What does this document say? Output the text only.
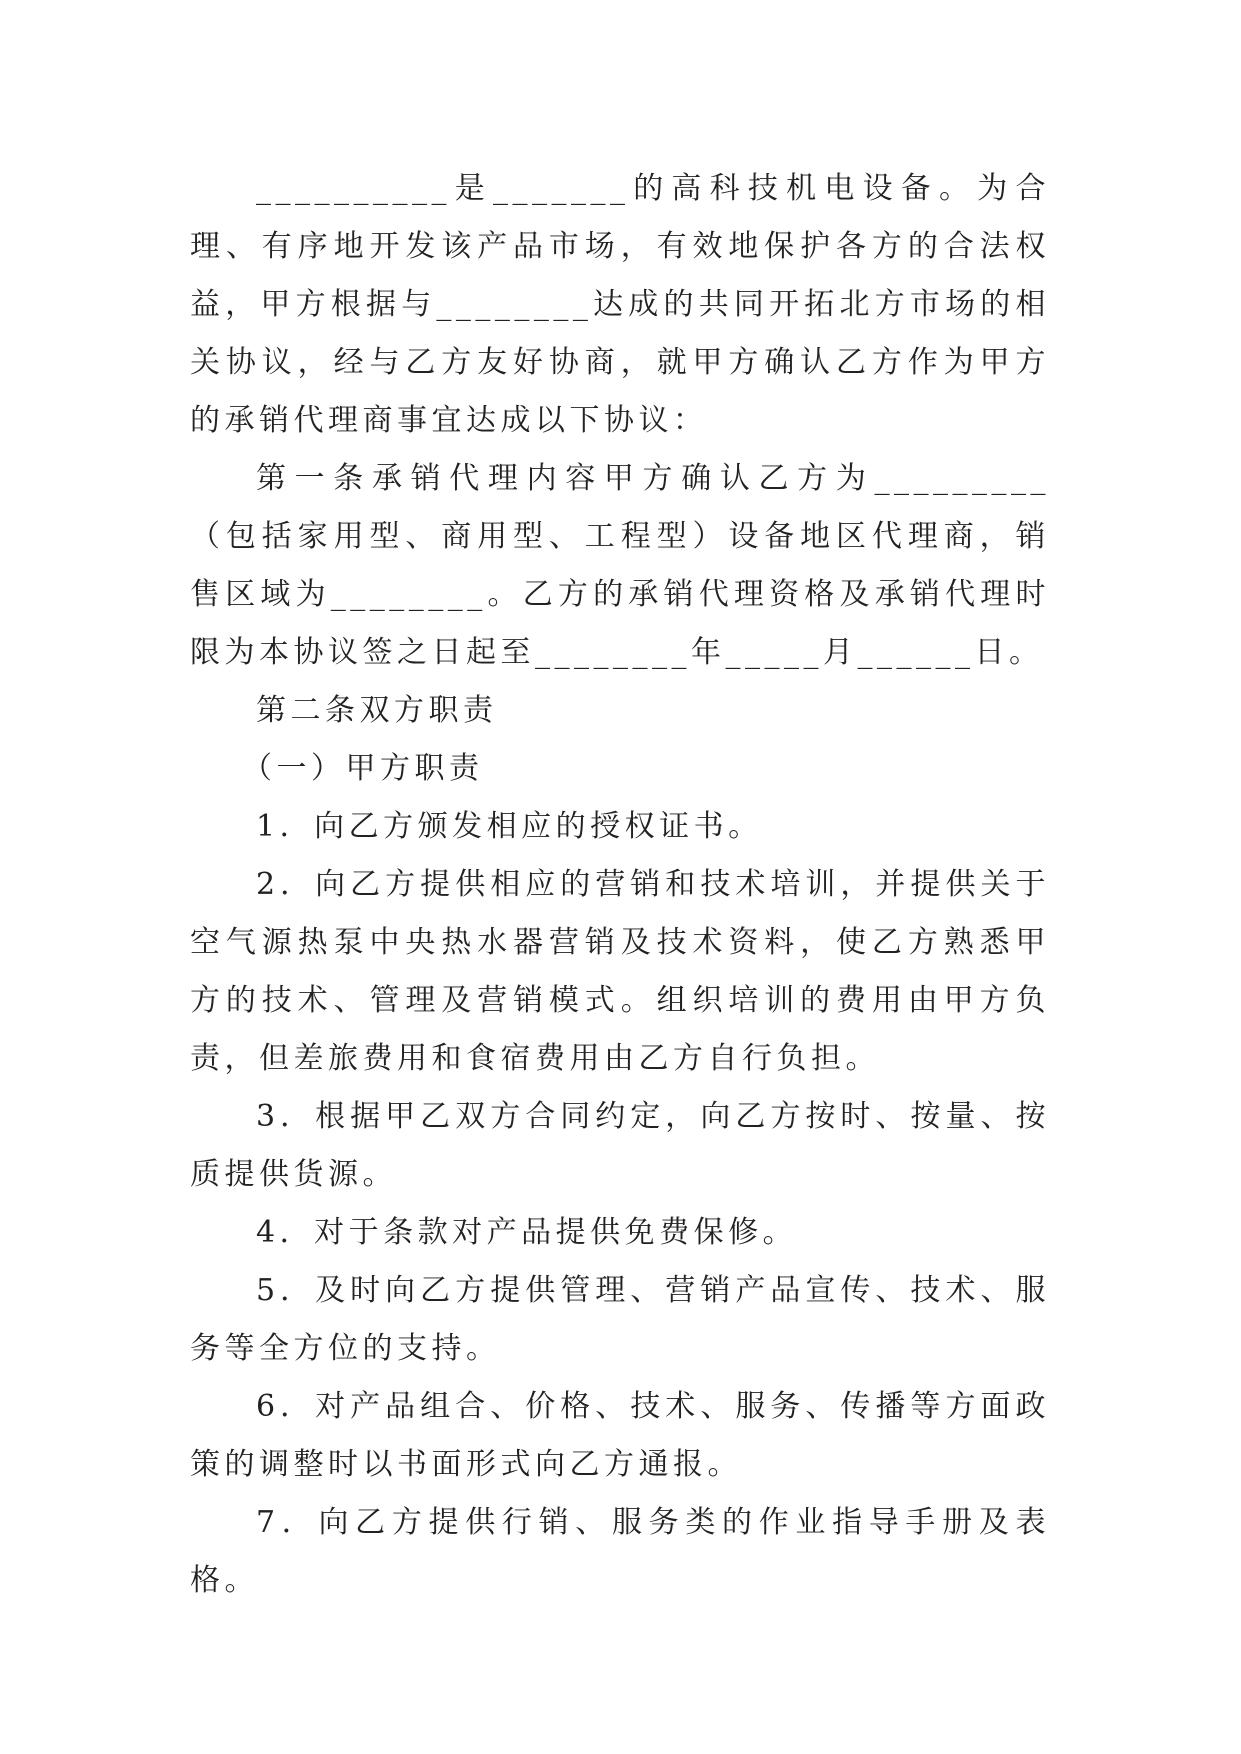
__________是_______的高科技机电设备。为合理、有序地开发该产品市场，有效地保护各方的合法权益，甲方根据与________达成的共同开拓北方市场的相关协议，经与乙方友好协商，就甲方确认乙方作为甲方的承销代理商事宜达成以下协议：

第一条承销代理内容甲方确认乙方为_________（包括家用型、商用型、工程型）设备地区代理商，销售区域为________。乙方的承销代理资格及承销代理时限为本协议签之日起至________年_____月______日。

第二条双方职责

（一）甲方职责

1．向乙方颁发相应的授权证书。

2．向乙方提供相应的营销和技术培训，并提供关于空气源热泵中央热水器营销及技术资料，使乙方熟悉甲方的技术、管理及营销模式。组织培训的费用由甲方负责，但差旅费用和食宿费用由乙方自行负担。

3．根据甲乙双方合同约定，向乙方按时、按量、按质提供货源。

4．对于条款对产品提供免费保修。

5．及时向乙方提供管理、营销产品宣传、技术、服务等全方位的支持。

6．对产品组合、价格、技术、服务、传播等方面政策的调整时以书面形式向乙方通报。

7．向乙方提供行销、服务类的作业指导手册及表格。
